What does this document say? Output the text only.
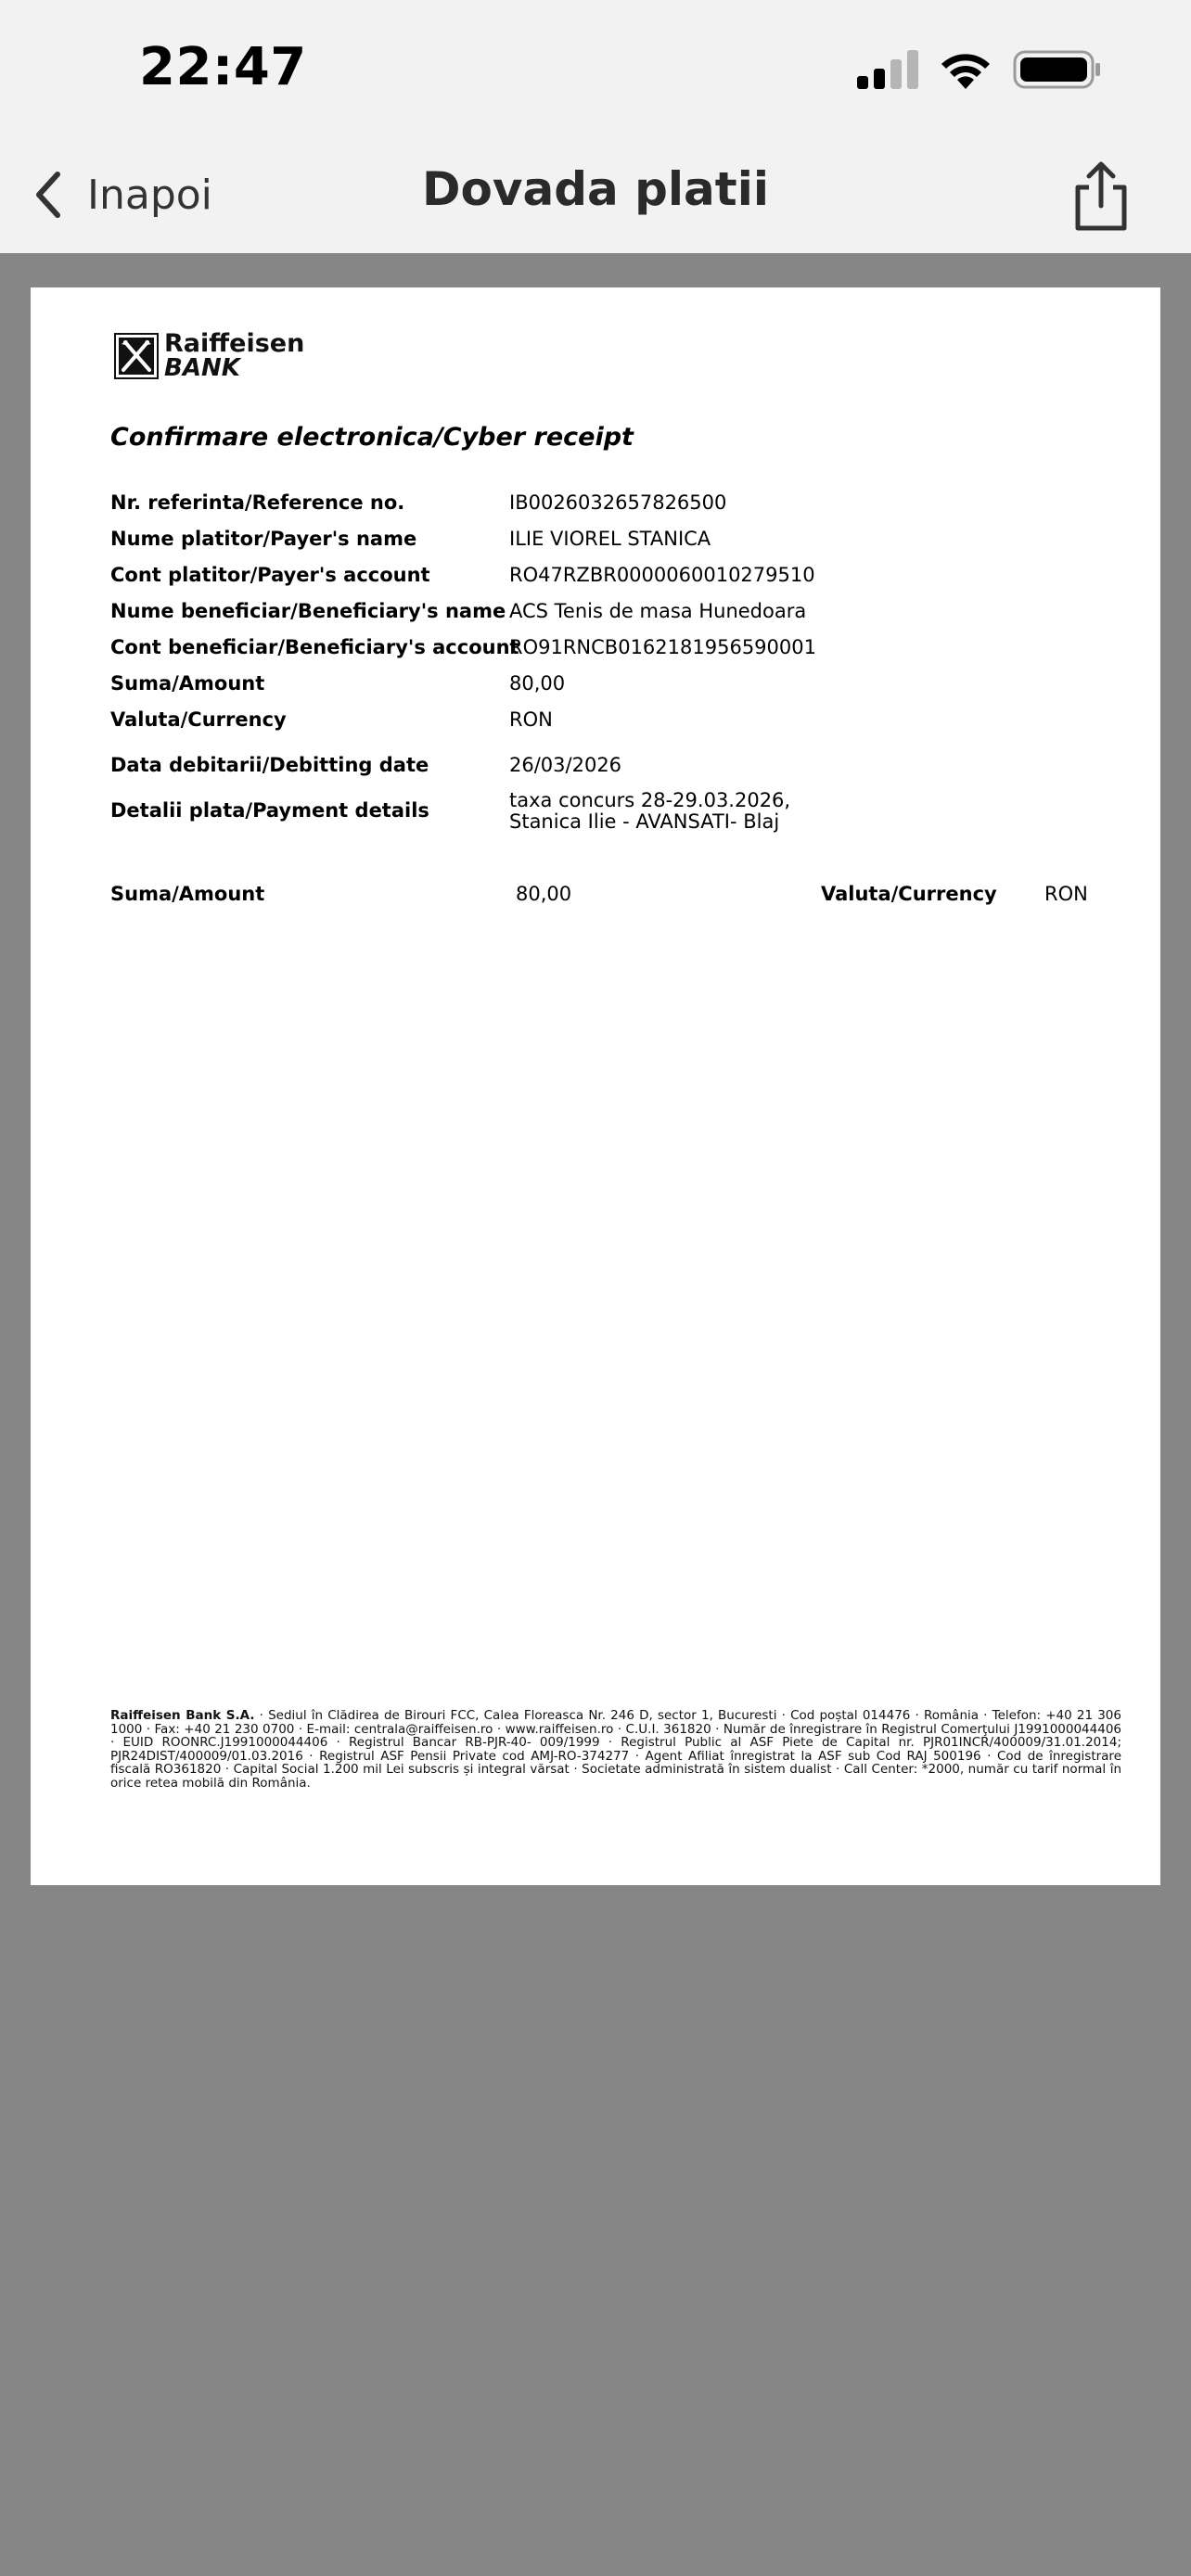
22:47
Inapoi	Dovada platii
Raiffeisen
BANK
Confirmare electronica/Cyber receipt
Nr. referinta/Reference no.	IB0026032657826500
Nume platitor/Payer's name	ILIE VIOREL STANICA
Cont platitor/Payer's account	RO47RZBR0000060010279510
Nume beneficiar/Beneficiary's name ACS Tenis de masa Hunedoara
Cont beneficiar/Beneficiary's account
RO91RNCB0162181956590001
Suma/Amount	80,00
Valuta/Currency	RON
Data debitarii/Debitting date	26/03/2026
Detalii plata/Payment details	taxa concurs 28-29.03.2026,
Stanica Ilie - AVANSATI- Blaj
Suma/Amount	80,00	Valuta/Currency RON
Raiffeisen Bank S.A. · Sediul în Clădirea de Birouri FCC, Calea Floreasca Nr. 246 D, sector 1, Bucuresti · Cod poștal 014476 · România · Telefon: +40 21 306 1000 · Fax: +40 21 230 0700 · E-mail: centrala@raiffeisen.ro · www.raiffeisen.ro · C.U.I. 361820 · Număr de înregistrare în Registrul Comerţului J1991000044406 · EUID ROONRC.J1991000044406 · Registrul Bancar RB-PJR-40- 009/1999 · Registrul Public al ASF Piete de Capital nr. PJR01INCR/400009/31.01.2014; PJR24DIST/400009/01.03.2016 · Registrul ASF Pensii Private cod AMJ-RO-374277 · Agent Afiliat înregistrat la ASF sub Cod RAJ 500196 · Cod de înregistrare fiscală RO361820 · Capital Social 1.200 mil Lei subscris și integral vărsat · Societate administrată în sistem dualist · Call Center: *2000, număr cu tarif normal în orice retea mobilă din România.
